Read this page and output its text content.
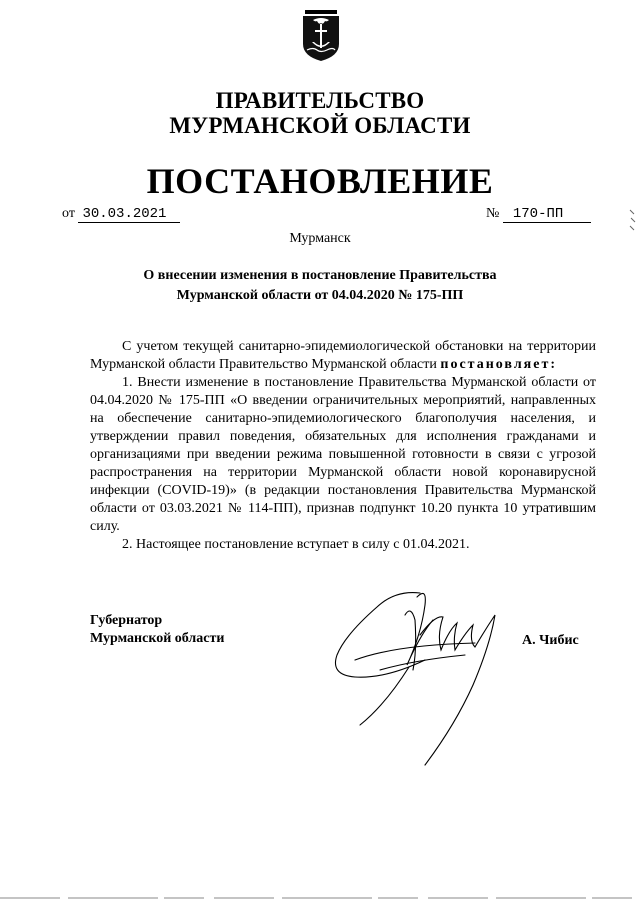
ПРАВИТЕЛЬСТВО
МУРМАНСКОЙ ОБЛАСТИ
ПОСТАНОВЛЕНИЕ
от 30.03.2021	№ 170-ПП
Мурманск
О внесении изменения в постановление Правительства
Мурманской области от 04.04.2020 № 175-ПП

С учетом текущей санитарно-эпидемиологической обстановки на территории Мурманской области Правительство Мурманской области постановляет:

1. Внести изменение в постановление Правительства Мурманской области от 04.04.2020 № 175-ПП «О введении ограничительных мероприятий, направленных на обеспечение санитарно-эпидемиологического благополучия населения, и утверждении правил поведения, обязательных для исполнения гражданами и организациями при введении режима повышенной готовности в связи с угрозой распространения на территории Мурманской области новой коронавирусной инфекции (COVID-19)» (в редакции постановления Правительства Мурманской области от 03.03.2021 № 114-ПП), признав подпункт 10.20 пункта 10 утратившим силу.

2. Настоящее постановление вступает в силу с 01.04.2021.

Губернатор
Мурманской области	А. Чибис
